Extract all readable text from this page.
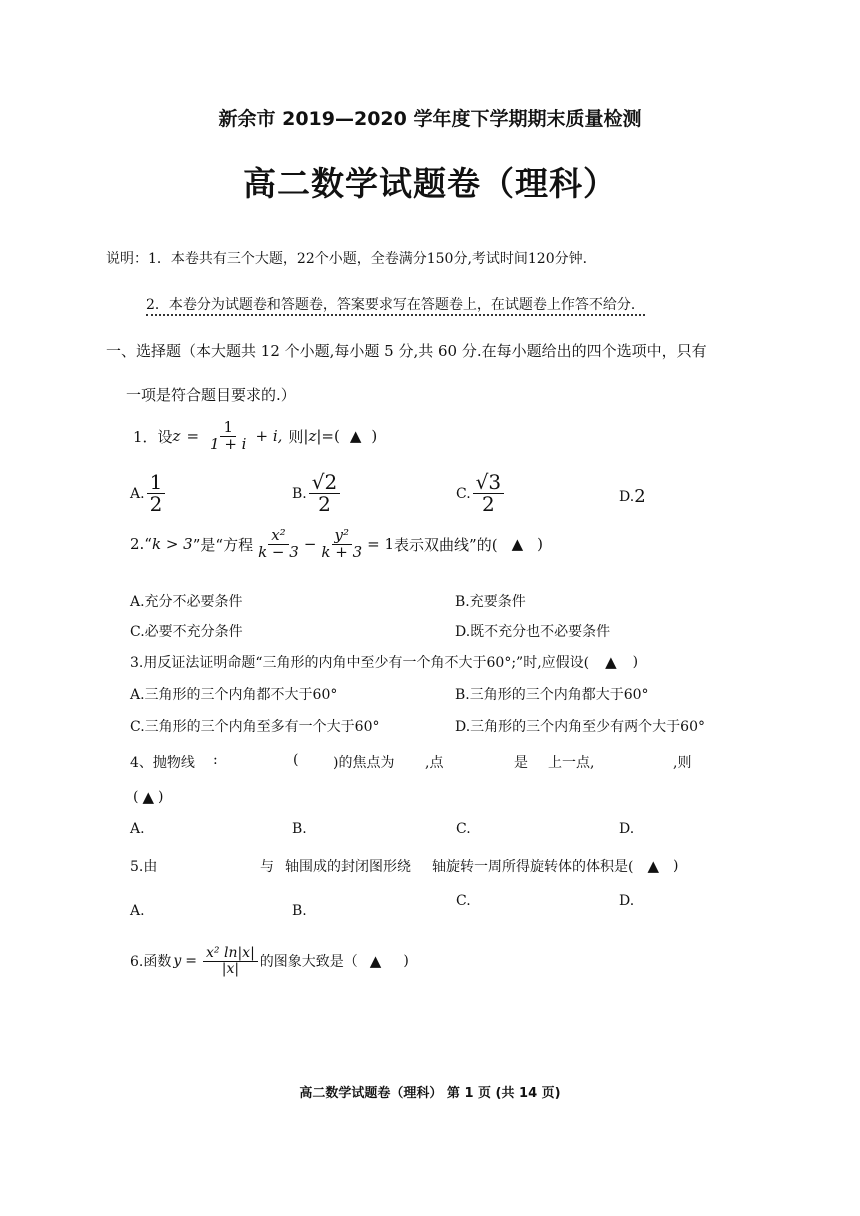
新余市 2019—2020 学年度下学期期末质量检测
高二数学试题卷（理科）
说明：1．本卷共有三个大题，22个小题，全卷满分150分,考试时间120分钟．
2．本卷分为试题卷和答题卷，答案要求写在答题卷上，在试题卷上作答不给分．
一、选择题（本大题共 12 个小题,每小题 5 分,共 60 分.在每小题给出的四个选项中，只有
一项是符合题目要求的.）
1．设 $z = \frac{1}{1 + i} + i$, 则 |z| =( ▲ )
A. $\frac{1}{2}$	B. $\frac{√2}{2}$	C. $\frac{√3}{2}$	D. 2
2.“ k > 3 ”是“方程 $\frac{\text{x²}}{k - 3} - \frac{\text{y²}}{k + 3} = 1$ 表示双曲线”的( ▲ )
A.充分不必要条件	B.充要条件
C.必要不充分条件	D.既不充分也不必要条件
3.用反证法证明命题“三角形的内角中至少有一个角不大于60°;”时,应假设( ▲ )
A.三角形的三个内角都不大于60°	B.三角形的三个内角都大于60°
C.三角形的三个内角至多有一个大于60°	D.三角形的三个内角至少有两个大于60°
4、抛物线 :	( )的焦点为 ,点	是 上一点,	,则
( ▲ )
A.	B.	C.	D.
5.由	与 轴围成的封闭图形绕 轴旋转一周所得旋转体的体积是( ▲ )
A.	B.
C.	D.
6.函数 $y = \frac{\text{x² ln|x|}}{|x|}$ 的图象大致是（ ▲ )
高二数学试题卷（理科） 第 1 页 (共 14 页)
